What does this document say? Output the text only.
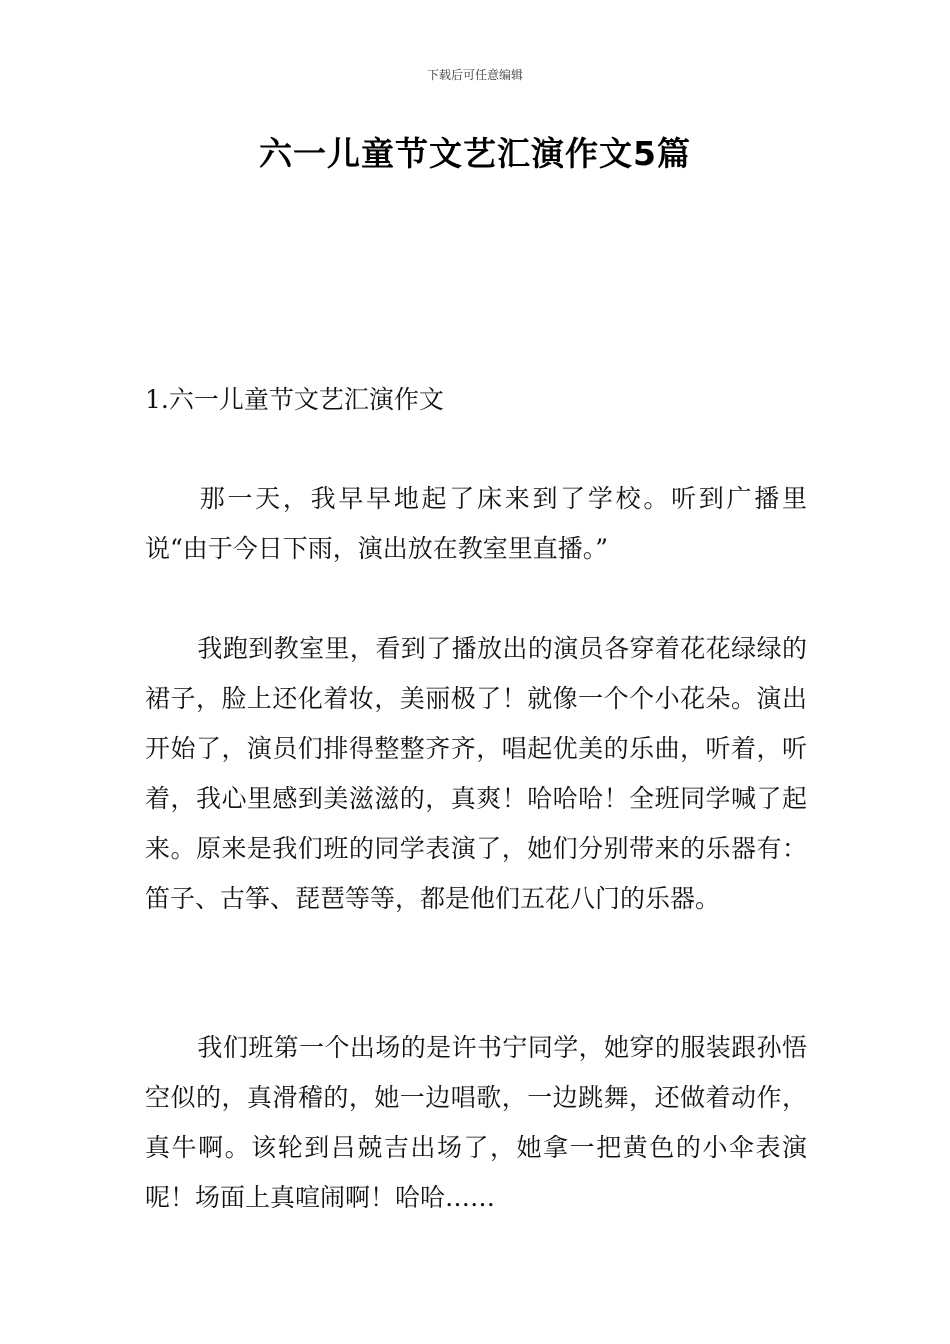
下载后可任意编辑
六一儿童节文艺汇演作文5篇
1.六一儿童节文艺汇演作文
那一天，我早早地起了床来到了学校。听到广播里说“由于今日下雨，演出放在教室里直播。”
我跑到教室里，看到了播放出的演员各穿着花花绿绿的裙子，脸上还化着妆，美丽极了！就像一个个小花朵。演出开始了，演员们排得整整齐齐，唱起优美的乐曲，听着，听着，我心里感到美滋滋的，真爽！哈哈哈！全班同学喊了起来。原来是我们班的同学表演了，她们分别带来的乐器有：笛子、古筝、琵琶等等，都是他们五花八门的乐器。
我们班第一个出场的是许书宁同学，她穿的服装跟孙悟空似的，真滑稽的，她一边唱歌，一边跳舞，还做着动作，真牛啊。该轮到吕兢吉出场了，她拿一把黄色的小伞表演呢！场面上真喧闹啊！哈哈……
